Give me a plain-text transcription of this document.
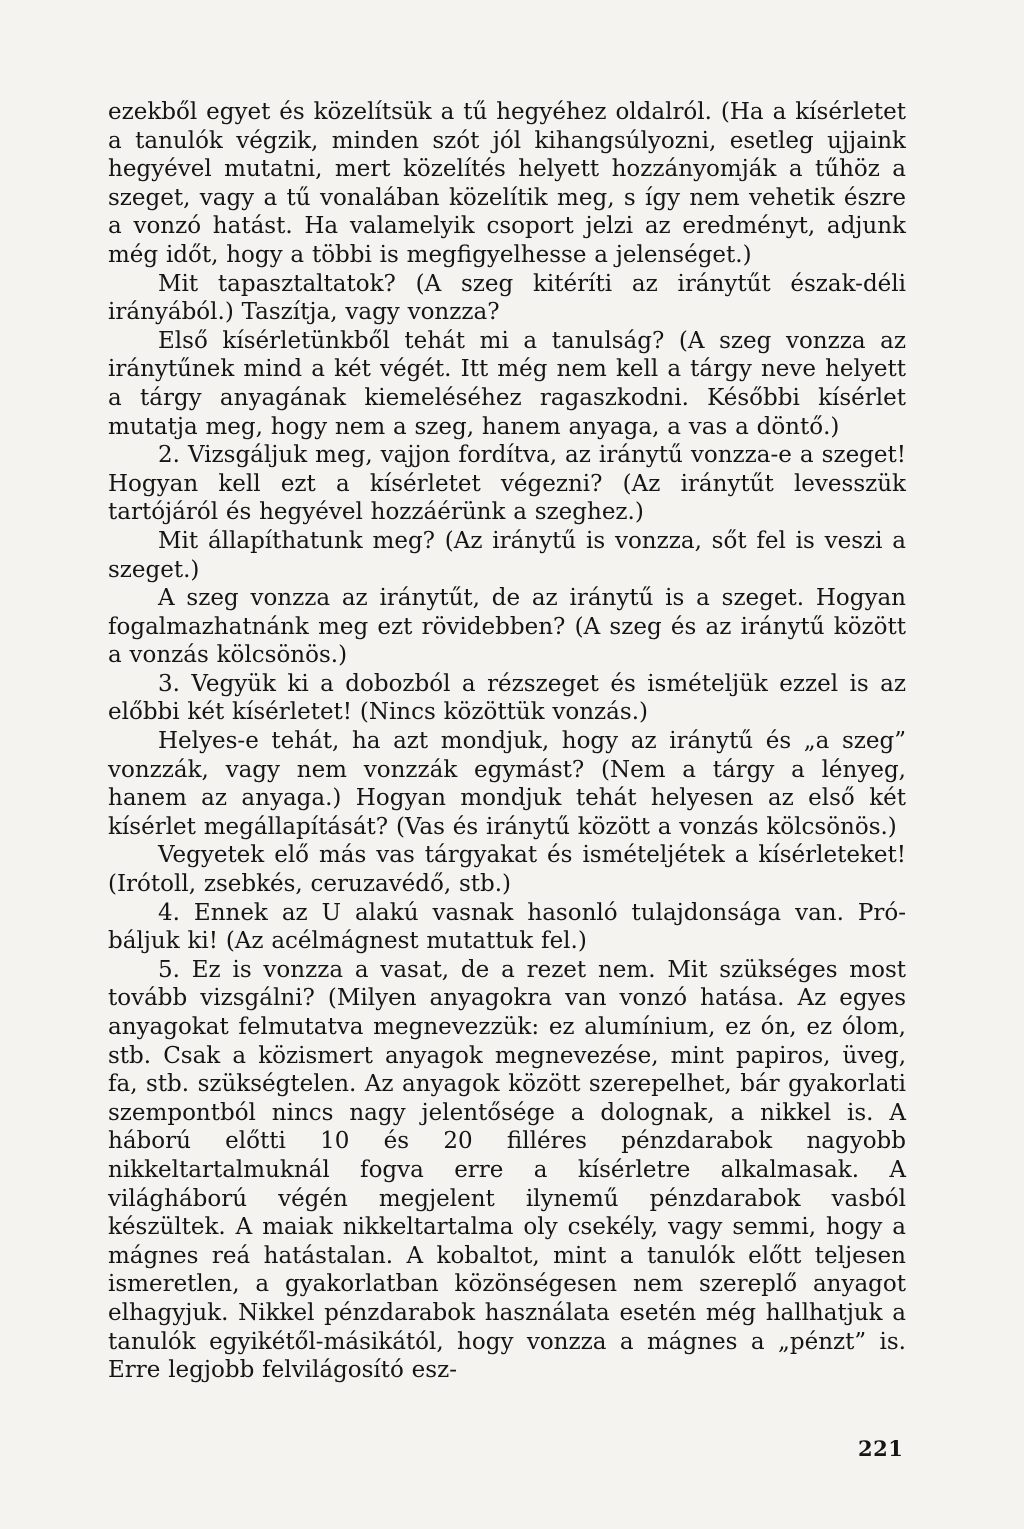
ezekből egyet és közelítsük a tű hegyéhez oldalról. (Ha a kísérletet a tanulók végzik, minden szót jól kihangsúlyozni, esetleg ujjaink hegyével mutatni, mert közelítés helyett hozzányomják a tűhöz a szeget, vagy a tű vonalában közelítik meg, s így nem vehetik észre a vonzó hatást. Ha valamelyik csoport jelzi az eredményt, adjunk még időt, hogy a többi is megfigyelhesse a jelenséget.)

Mit tapasztaltatok? (A szeg kitéríti az iránytűt észak-déli irányából.) Taszítja, vagy vonzza?

Első kísérletünkből tehát mi a tanulság? (A szeg vonzza az iránytűnek mind a két végét. Itt még nem kell a tárgy neve helyett a tárgy anyagának kiemeléséhez ragaszkodni. Későbbi kísérlet mutatja meg, hogy nem a szeg, hanem anyaga, a vas a döntő.)

2. Vizsgáljuk meg, vajjon fordítva, az iránytű vonzza-e a szeget! Hogyan kell ezt a kísérletet végezni? (Az iránytűt levesszük tartójáról és hegyével hozzáérünk a szeghez.)

Mit állapíthatunk meg? (Az iránytű is vonzza, sőt fel is veszi a szeget.)

A szeg vonzza az iránytűt, de az iránytű is a szeget. Hogyan fogalmazhatnánk meg ezt rövidebben? (A szeg és az iránytű között a vonzás kölcsönös.)

3. Vegyük ki a dobozból a rézszeget és ismételjük ezzel is az előbbi két kísérletet! (Nincs közöttük vonzás.)

Helyes-e tehát, ha azt mondjuk, hogy az iránytű és „a szeg” vonzzák, vagy nem vonzzák egymást? (Nem a tárgy a lényeg, hanem az anyaga.) Hogyan mondjuk tehát helyesen az első két kísérlet megállapítását? (Vas és iránytű között a vonzás kölcsönös.)

Vegyetek elő más vas tárgyakat és ismételjétek a kísérleteket! (Irótoll, zsebkés, ceruzavédő, stb.)

4. Ennek az U alakú vasnak hasonló tulajdonsága van. Próbáljuk ki! (Az acélmágnest mutattuk fel.)

5. Ez is vonzza a vasat, de a rezet nem. Mit szükséges most tovább vizsgálni? (Milyen anyagokra van vonzó hatása. Az egyes anyagokat felmutatva megnevezzük: ez alumínium, ez ón, ez ólom, stb. Csak a közismert anyagok megnevezése, mint papiros, üveg, fa, stb. szükségtelen. Az anyagok között szerepelhet, bár gyakorlati szempontból nincs nagy jelentősége a dolognak, a nikkel is. A háború előtti 10 és 20 filléres pénzdarabok nagyobb nikkeltartalmuknál fogva erre a kísérletre alkalmasak. A világháború végén megjelent ilynemű pénzdarabok vasból készültek. A maiak nikkeltartalma oly csekély, vagy semmi, hogy a mágnes reá hatástalan. A kobaltot, mint a tanulók előtt teljesen ismeretlen, a gyakorlatban közönségesen nem szereplő anyagot elhagyjuk. Nikkel pénzdarabok használata esetén még hallhatjuk a tanulók egyikétől-másikától, hogy vonzza a mágnes a „pénzt” is. Erre legjobb felvilágosító esz-

221
